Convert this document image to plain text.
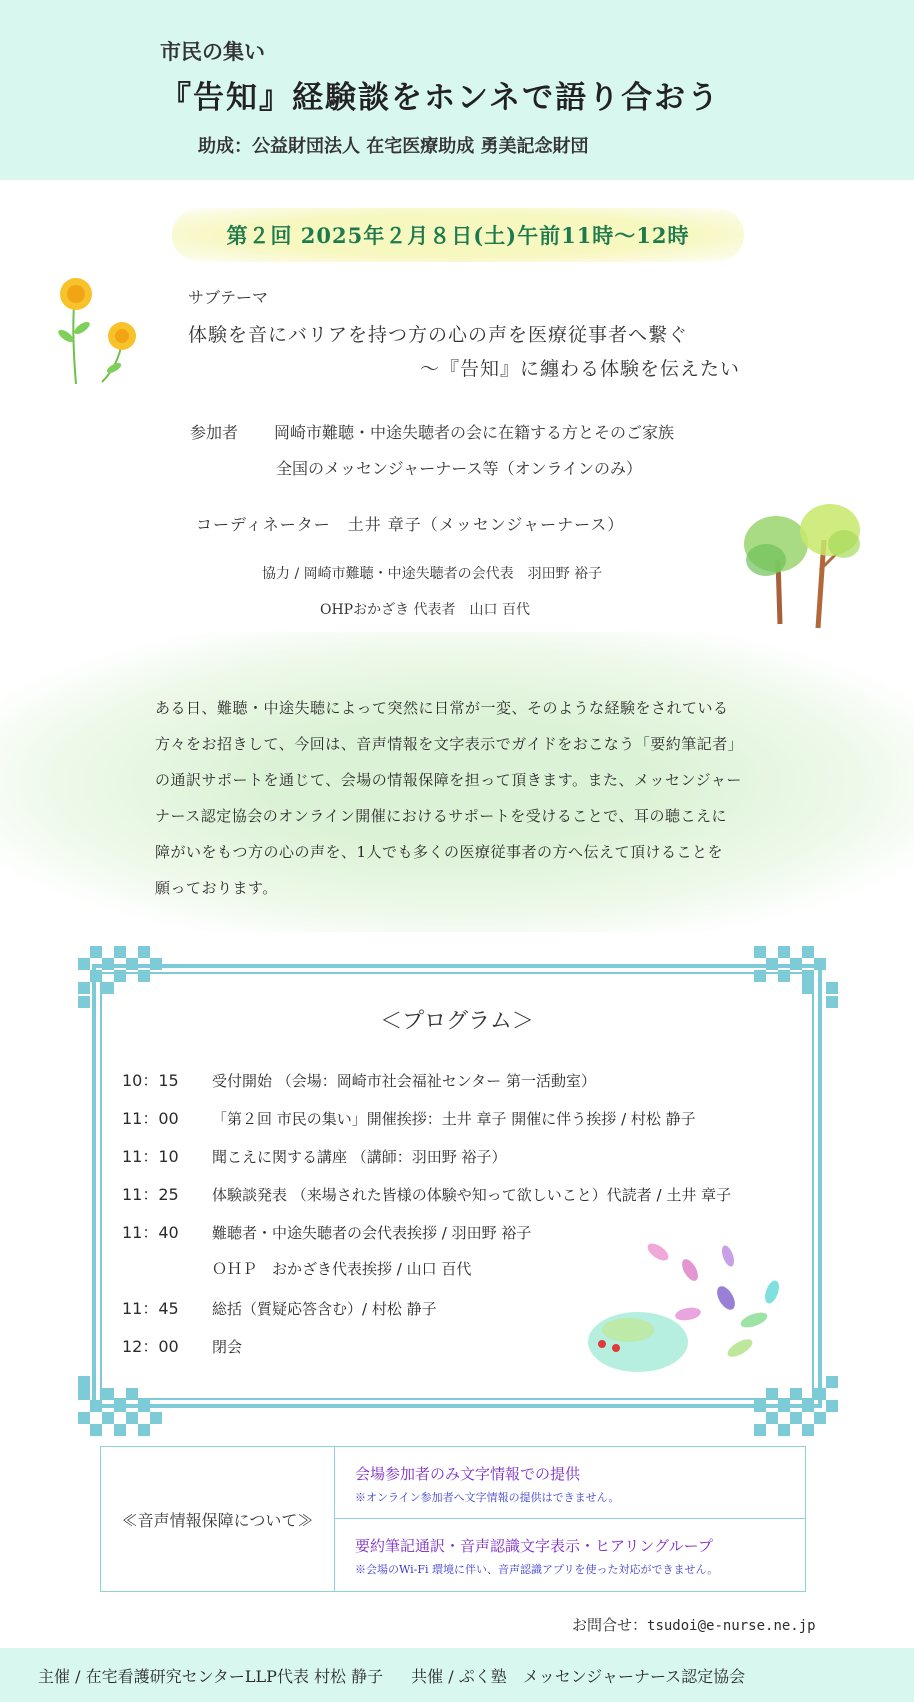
市民の集い
『告知』経験談をホンネで語り合おう
助成：公益財団法人 在宅医療助成 勇美記念財団
第２回 2025年２月８日(土)午前11時～12時
サブテーマ
体験を音にバリアを持つ方の心の声を医療従事者へ繋ぐ
～『告知』に纏わる体験を伝えたい
参加者 岡崎市難聴・中途失聴者の会に在籍する方とそのご家族
全国のメッセンジャーナース等（オンラインのみ）
コーディネーター　土井 章子（メッセンジャーナース）
協力 / 岡崎市難聴・中途失聴者の会代表　羽田野 裕子
OHPおかざき 代表者　山口 百代

ある日、難聴・中途失聴によって突然に日常が一変、そのような経験をされている

方々をお招きして、今回は、音声情報を文字表示でガイドをおこなう「要約筆記者」

の通訳サポートを通じて、会場の情報保障を担って頂きます。また、メッセンジャー

ナース認定協会のオンライン開催におけるサポートを受けることで、耳の聴こえに

障がいをもつ方の心の声を、1人でも多くの医療従事者の方へ伝えて頂けることを

願っております。

＜プログラム＞
10：15 受付開始 （会場：岡崎市社会福祉センター 第一活動室）
11：00 「第２回 市民の集い」開催挨拶：土井 章子 開催に伴う挨拶 / 村松 静子
11：10 聞こえに関する講座 （講師：羽田野 裕子）
11：25 体験談発表 （来場された皆様の体験や知って欲しいこと）代読者 / 土井 章子
11：40 難聴者・中途失聴者の会代表挨拶 / 羽田野 裕子
ＯＨＰ　おかざき代表挨拶 / 山口 百代
11：45 総括（質疑応答含む）/ 村松 静子
12：00 閉会
≪音声情報保障について≫
会場参加者のみ文字情報での提供
※オンライン参加者へ文字情報の提供はできません。
要約筆記通訳・音声認識文字表示・ヒアリングループ
※会場のWi-Fi 環境に伴い、音声認識アプリを使った対応ができません。
お問合せ：tsudoi@e-nurse.ne.jp
主催 / 在宅看護研究センターLLP代表 村松 静子 共催 / ぷく塾　メッセンジャーナース認定協会
